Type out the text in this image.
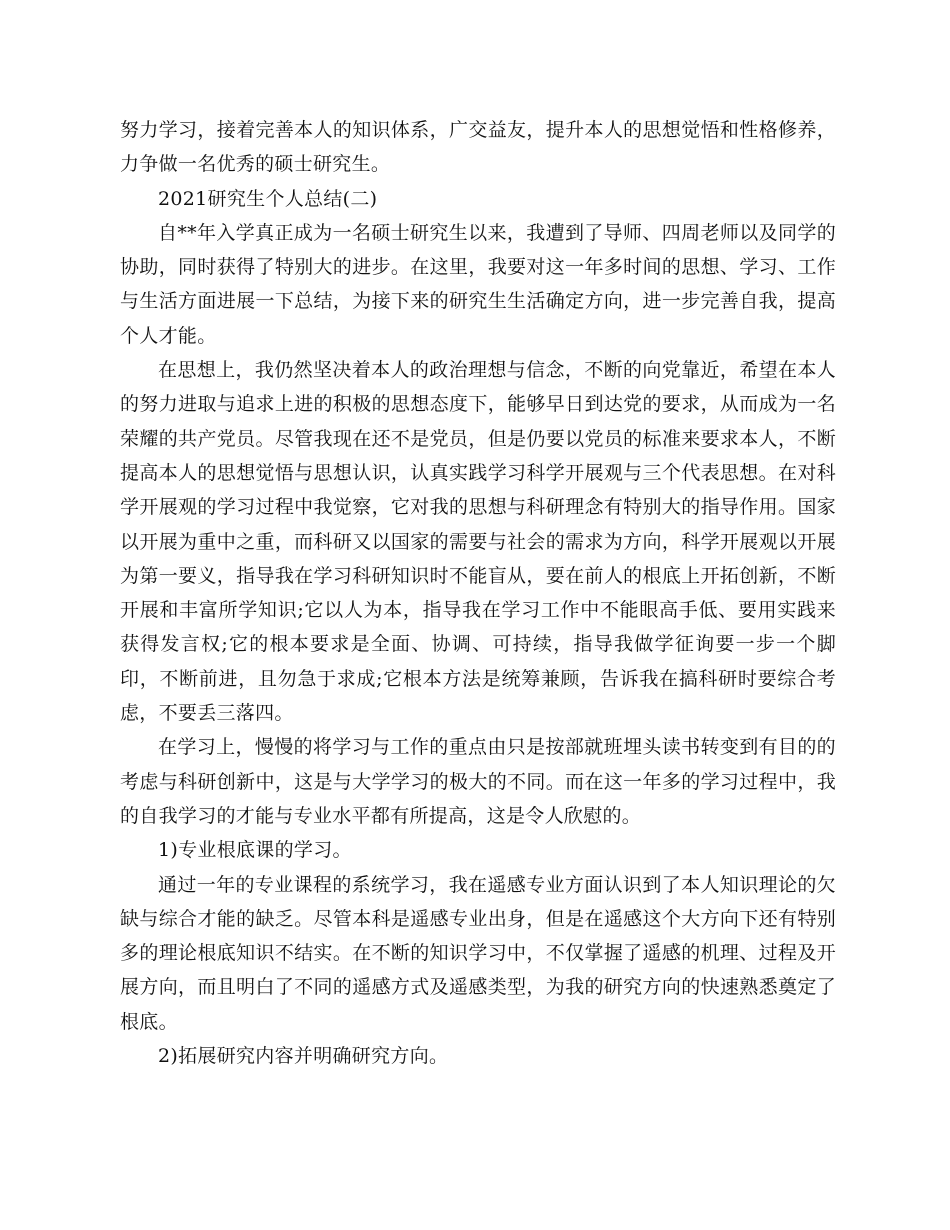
努力学习，接着完善本人的知识体系，广交益友，提升本人的思想觉悟和性格修养，力争做一名优秀的硕士研究生。

2021研究生个人总结(二)

自**年入学真正成为一名硕士研究生以来，我遭到了导师、四周老师以及同学的协助，同时获得了特别大的进步。在这里，我要对这一年多时间的思想、学习、工作与生活方面进展一下总结，为接下来的研究生生活确定方向，进一步完善自我，提高个人才能。

在思想上，我仍然坚决着本人的政治理想与信念，不断的向党靠近，希望在本人的努力进取与追求上进的积极的思想态度下，能够早日到达党的要求，从而成为一名荣耀的共产党员。尽管我现在还不是党员，但是仍要以党员的标准来要求本人，不断提高本人的思想觉悟与思想认识，认真实践学习科学开展观与三个代表思想。在对科学开展观的学习过程中我觉察，它对我的思想与科研理念有特别大的指导作用。国家以开展为重中之重，而科研又以国家的需要与社会的需求为方向，科学开展观以开展为第一要义，指导我在学习科研知识时不能盲从，要在前人的根底上开拓创新，不断开展和丰富所学知识;它以人为本，指导我在学习工作中不能眼高手低、要用实践来获得发言权;它的根本要求是全面、协调、可持续，指导我做学征询要一步一个脚印，不断前进，且勿急于求成;它根本方法是统筹兼顾，告诉我在搞科研时要综合考虑，不要丢三落四。

在学习上，慢慢的将学习与工作的重点由只是按部就班埋头读书转变到有目的的考虑与科研创新中，这是与大学学习的极大的不同。而在这一年多的学习过程中，我的自我学习的才能与专业水平都有所提高，这是令人欣慰的。

1)专业根底课的学习。

通过一年的专业课程的系统学习，我在遥感专业方面认识到了本人知识理论的欠缺与综合才能的缺乏。尽管本科是遥感专业出身，但是在遥感这个大方向下还有特别多的理论根底知识不结实。在不断的知识学习中，不仅掌握了遥感的机理、过程及开展方向，而且明白了不同的遥感方式及遥感类型，为我的研究方向的快速熟悉奠定了根底。

2)拓展研究内容并明确研究方向。
